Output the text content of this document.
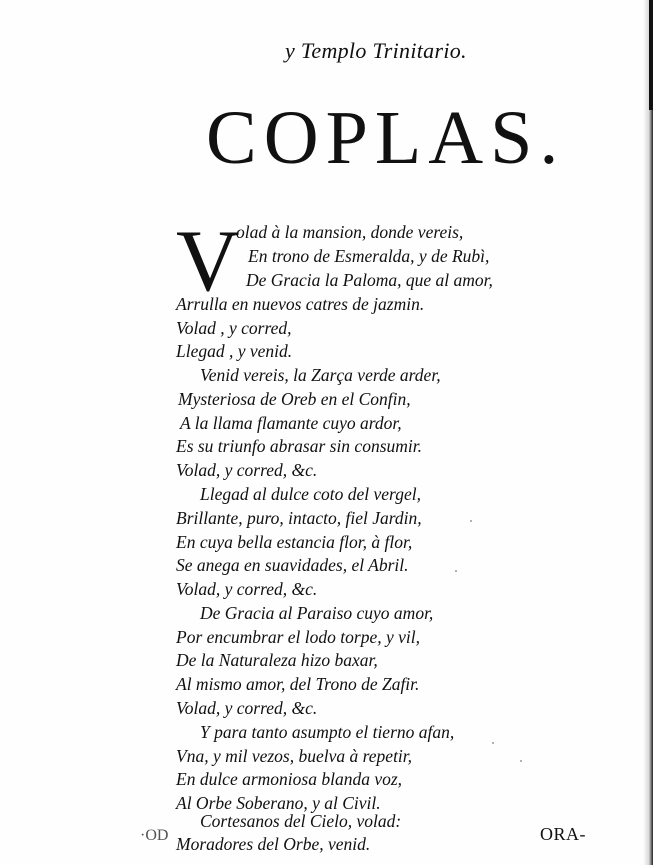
y Templo Trinitario.
COPLAS.
V
olad à la mansion, donde vereis,
En trono de Esmeralda, y de Rubì,
De Gracia la Paloma, que al amor,
Arrulla en nuevos catres de jazmin.
Volad , y corred,
Llegad , y venid.
Venid vereis, la Zarça verde arder,
Mysteriosa de Oreb en el Confin,
A la llama flamante cuyo ardor,
Es su triunfo abrasar sin consumir.
Volad, y corred, &c.
Llegad al dulce coto del vergel,
Brillante, puro, intacto, fiel Jardin,
En cuya bella estancia flor, à flor,
Se anega en suavidades, el Abril.
Volad, y corred, &c.
De Gracia al Paraiso cuyo amor,
Por encumbrar el lodo torpe, y vil,
De la Naturaleza hizo baxar,
Al mismo amor, del Trono de Zafir.
Volad, y corred, &c.
Y para tanto asumpto el tierno afan,
Vna, y mil vezos, buelva à repetir,
En dulce armoniosa blanda voz,
Al Orbe Soberano, y al Civil.
Cortesanos del Cielo, volad:
Moradores del Orbe, venid.
·OD	ORA-
